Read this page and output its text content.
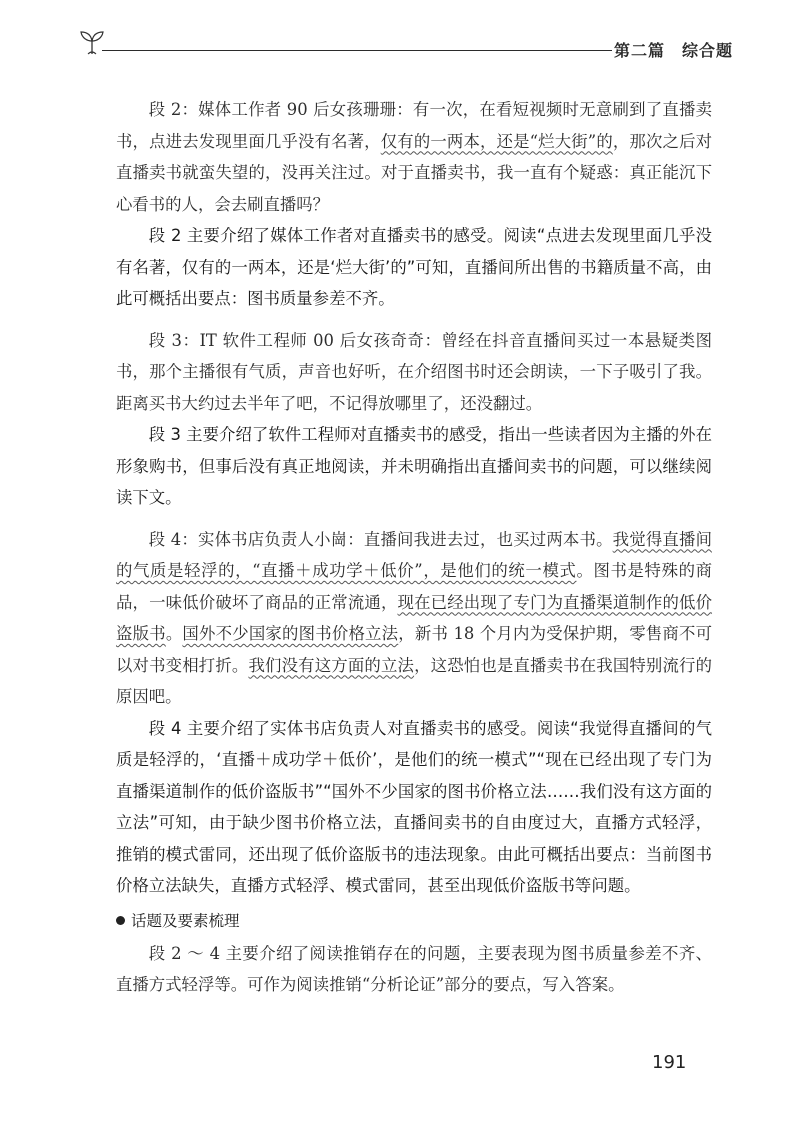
第二篇　综合题

段 2：媒体工作者 90 后女孩珊珊：有一次，在看短视频时无意刷到了直播卖书，点进去发现里面几乎没有名著，仅有的一两本，还是“烂大街”的，那次之后对直播卖书就蛮失望的，没再关注过。对于直播卖书，我一直有个疑惑：真正能沉下心看书的人，会去刷直播吗？

段 2 主要介绍了媒体工作者对直播卖书的感受。阅读“点进去发现里面几乎没有名著，仅有的一两本，还是‘烂大街’的”可知，直播间所出售的书籍质量不高，由此可概括出要点：图书质量参差不齐。

段 3：IT 软件工程师 00 后女孩奇奇：曾经在抖音直播间买过一本悬疑类图书，那个主播很有气质，声音也好听，在介绍图书时还会朗读，一下子吸引了我。距离买书大约过去半年了吧，不记得放哪里了，还没翻过。

段 3 主要介绍了软件工程师对直播卖书的感受，指出一些读者因为主播的外在形象购书，但事后没有真正地阅读，并未明确指出直播间卖书的问题，可以继续阅读下文。

段 4：实体书店负责人小崗：直播间我进去过，也买过两本书。我觉得直播间的气质是轻浮的，“直播＋成功学＋低价”，是他们的统一模式。图书是特殊的商品，一味低价破坏了商品的正常流通，现在已经出现了专门为直播渠道制作的低价盗版书。国外不少国家的图书价格立法，新书 18 个月内为受保护期，零售商不可以对书变相打折。我们没有这方面的立法，这恐怕也是直播卖书在我国特别流行的原因吧。

段 4 主要介绍了实体书店负责人对直播卖书的感受。阅读“我觉得直播间的气质是轻浮的，‘直播＋成功学＋低价’，是他们的统一模式”“现在已经出现了专门为直播渠道制作的低价盗版书”“国外不少国家的图书价格立法……我们没有这方面的立法”可知，由于缺少图书价格立法，直播间卖书的自由度过大，直播方式轻浮，推销的模式雷同，还出现了低价盗版书的违法现象。由此可概括出要点：当前图书价格立法缺失，直播方式轻浮、模式雷同，甚至出现低价盗版书等问题。

话题及要素梳理

段 2 ～ 4 主要介绍了阅读推销存在的问题，主要表现为图书质量参差不齐、直播方式轻浮等。可作为阅读推销“分析论证”部分的要点，写入答案。

191
